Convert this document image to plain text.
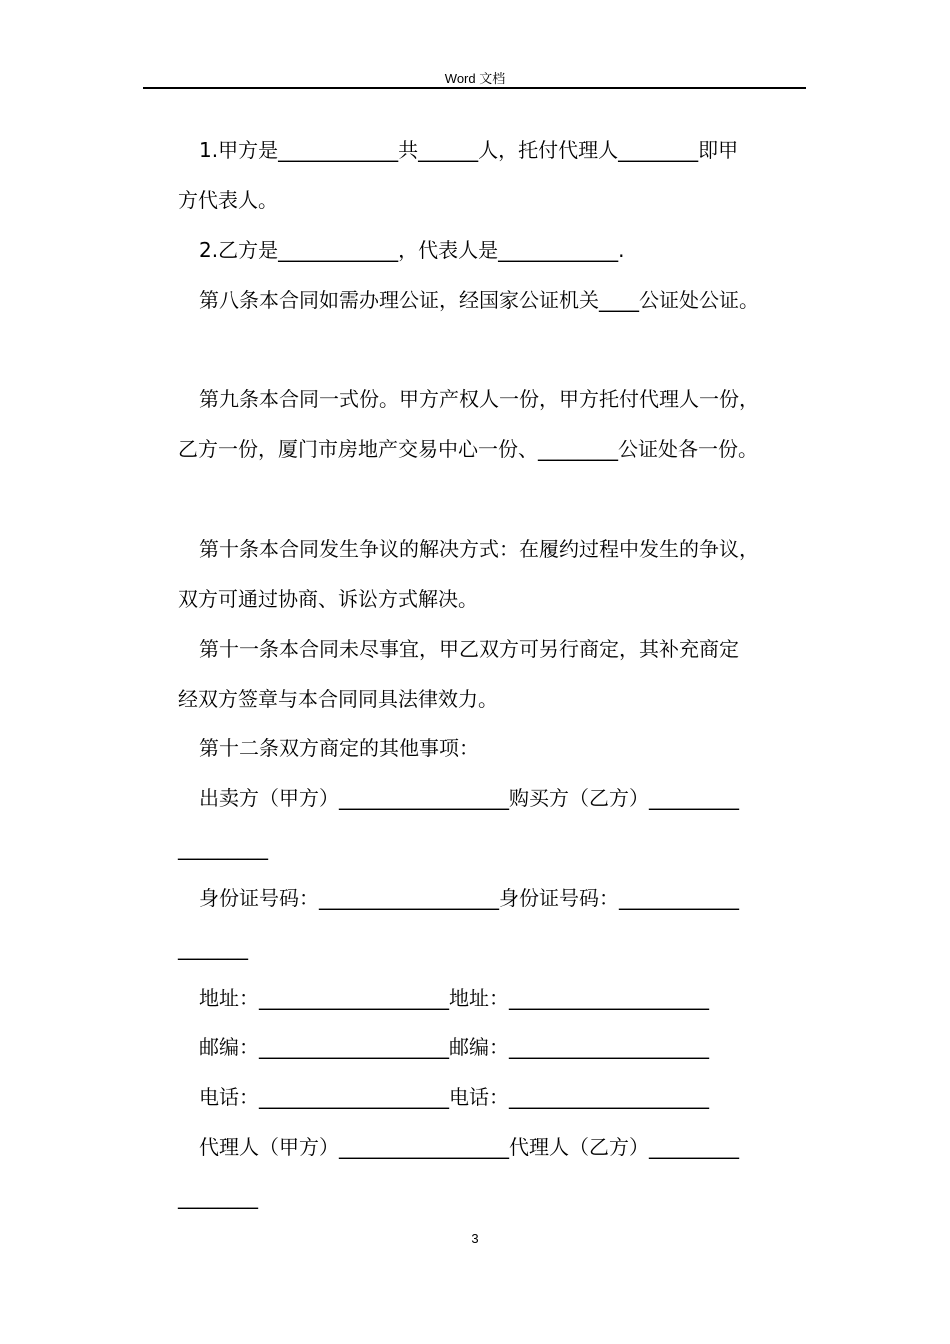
Word 文档
1.甲方是____________共______人，托付代理人________即甲
方代表人。
2.乙方是____________，代表人是____________.
第八条本合同如需办理公证，经国家公证机关____公证处公证。
第九条本合同一式份。甲方产权人一份，甲方托付代理人一份，
乙方一份，厦门市房地产交易中心一份、________公证处各一份。
第十条本合同发生争议的解决方式：在履约过程中发生的争议，
双方可通过协商、诉讼方式解决。
第十一条本合同未尽事宜，甲乙双方可另行商定，其补充商定
经双方签章与本合同同具法律效力。
第十二条双方商定的其他事项：
出卖方（甲方）_________________购买方（乙方）_________
_________
身份证号码：__________________身份证号码：____________
_______
地址：___________________地址：____________________
邮编：___________________邮编：____________________
电话：___________________电话：____________________
代理人（甲方）_________________代理人（乙方）_________
________
3
